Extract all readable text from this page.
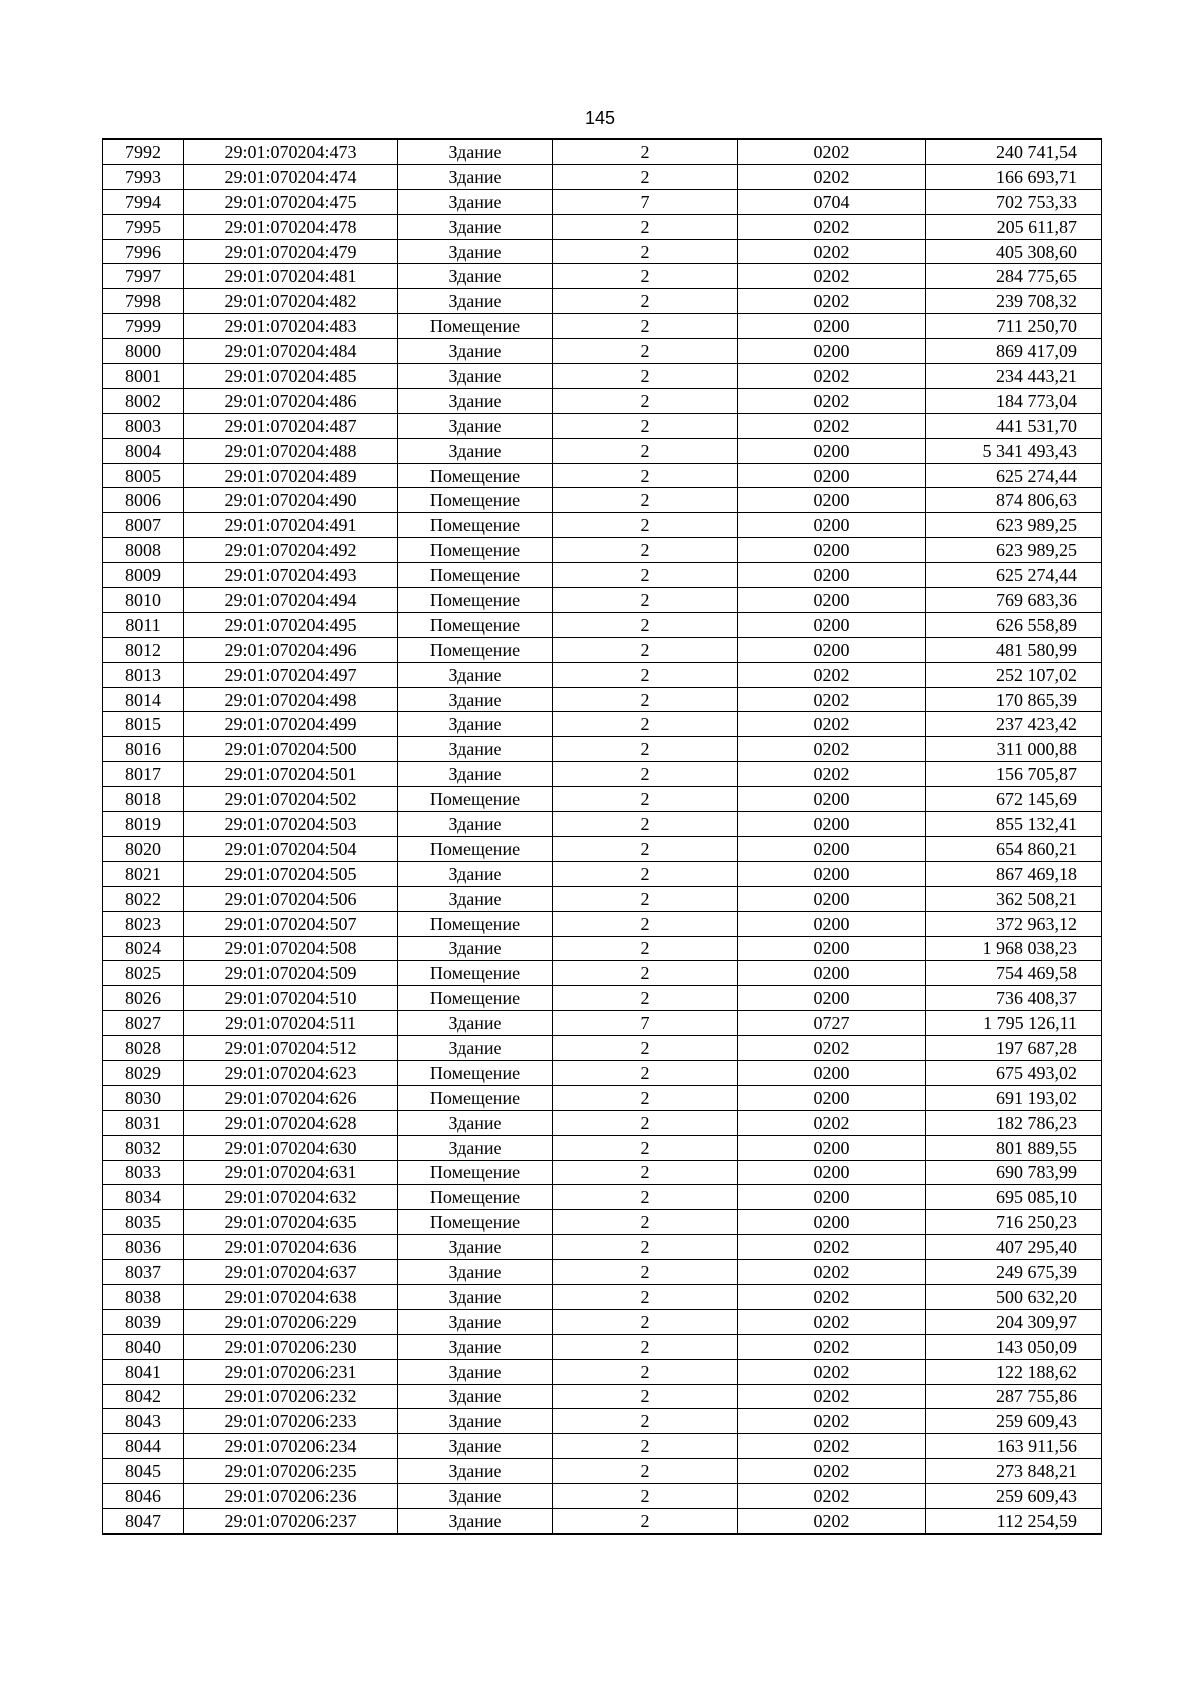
145
7992	29:01:070204:473	Здание	2	0202	240 741,54
7993	29:01:070204:474	Здание	2	0202	166 693,71
7994	29:01:070204:475	Здание	7	0704	702 753,33
7995	29:01:070204:478	Здание	2	0202	205 611,87
7996	29:01:070204:479	Здание	2	0202	405 308,60
7997	29:01:070204:481	Здание	2	0202	284 775,65
7998	29:01:070204:482	Здание	2	0202	239 708,32
7999	29:01:070204:483	Помещение	2	0200	711 250,70
8000	29:01:070204:484	Здание	2	0200	869 417,09
8001	29:01:070204:485	Здание	2	0202	234 443,21
8002	29:01:070204:486	Здание	2	0202	184 773,04
8003	29:01:070204:487	Здание	2	0202	441 531,70
8004	29:01:070204:488	Здание	2	0200	5 341 493,43
8005	29:01:070204:489	Помещение	2	0200	625 274,44
8006	29:01:070204:490	Помещение	2	0200	874 806,63
8007	29:01:070204:491	Помещение	2	0200	623 989,25
8008	29:01:070204:492	Помещение	2	0200	623 989,25
8009	29:01:070204:493	Помещение	2	0200	625 274,44
8010	29:01:070204:494	Помещение	2	0200	769 683,36
8011	29:01:070204:495	Помещение	2	0200	626 558,89
8012	29:01:070204:496	Помещение	2	0200	481 580,99
8013	29:01:070204:497	Здание	2	0202	252 107,02
8014	29:01:070204:498	Здание	2	0202	170 865,39
8015	29:01:070204:499	Здание	2	0202	237 423,42
8016	29:01:070204:500	Здание	2	0202	311 000,88
8017	29:01:070204:501	Здание	2	0202	156 705,87
8018	29:01:070204:502	Помещение	2	0200	672 145,69
8019	29:01:070204:503	Здание	2	0200	855 132,41
8020	29:01:070204:504	Помещение	2	0200	654 860,21
8021	29:01:070204:505	Здание	2	0200	867 469,18
8022	29:01:070204:506	Здание	2	0200	362 508,21
8023	29:01:070204:507	Помещение	2	0200	372 963,12
8024	29:01:070204:508	Здание	2	0200	1 968 038,23
8025	29:01:070204:509	Помещение	2	0200	754 469,58
8026	29:01:070204:510	Помещение	2	0200	736 408,37
8027	29:01:070204:511	Здание	7	0727	1 795 126,11
8028	29:01:070204:512	Здание	2	0202	197 687,28
8029	29:01:070204:623	Помещение	2	0200	675 493,02
8030	29:01:070204:626	Помещение	2	0200	691 193,02
8031	29:01:070204:628	Здание	2	0202	182 786,23
8032	29:01:070204:630	Здание	2	0200	801 889,55
8033	29:01:070204:631	Помещение	2	0200	690 783,99
8034	29:01:070204:632	Помещение	2	0200	695 085,10
8035	29:01:070204:635	Помещение	2	0200	716 250,23
8036	29:01:070204:636	Здание	2	0202	407 295,40
8037	29:01:070204:637	Здание	2	0202	249 675,39
8038	29:01:070204:638	Здание	2	0202	500 632,20
8039	29:01:070206:229	Здание	2	0202	204 309,97
8040	29:01:070206:230	Здание	2	0202	143 050,09
8041	29:01:070206:231	Здание	2	0202	122 188,62
8042	29:01:070206:232	Здание	2	0202	287 755,86
8043	29:01:070206:233	Здание	2	0202	259 609,43
8044	29:01:070206:234	Здание	2	0202	163 911,56
8045	29:01:070206:235	Здание	2	0202	273 848,21
8046	29:01:070206:236	Здание	2	0202	259 609,43
8047	29:01:070206:237	Здание	2	0202	112 254,59
